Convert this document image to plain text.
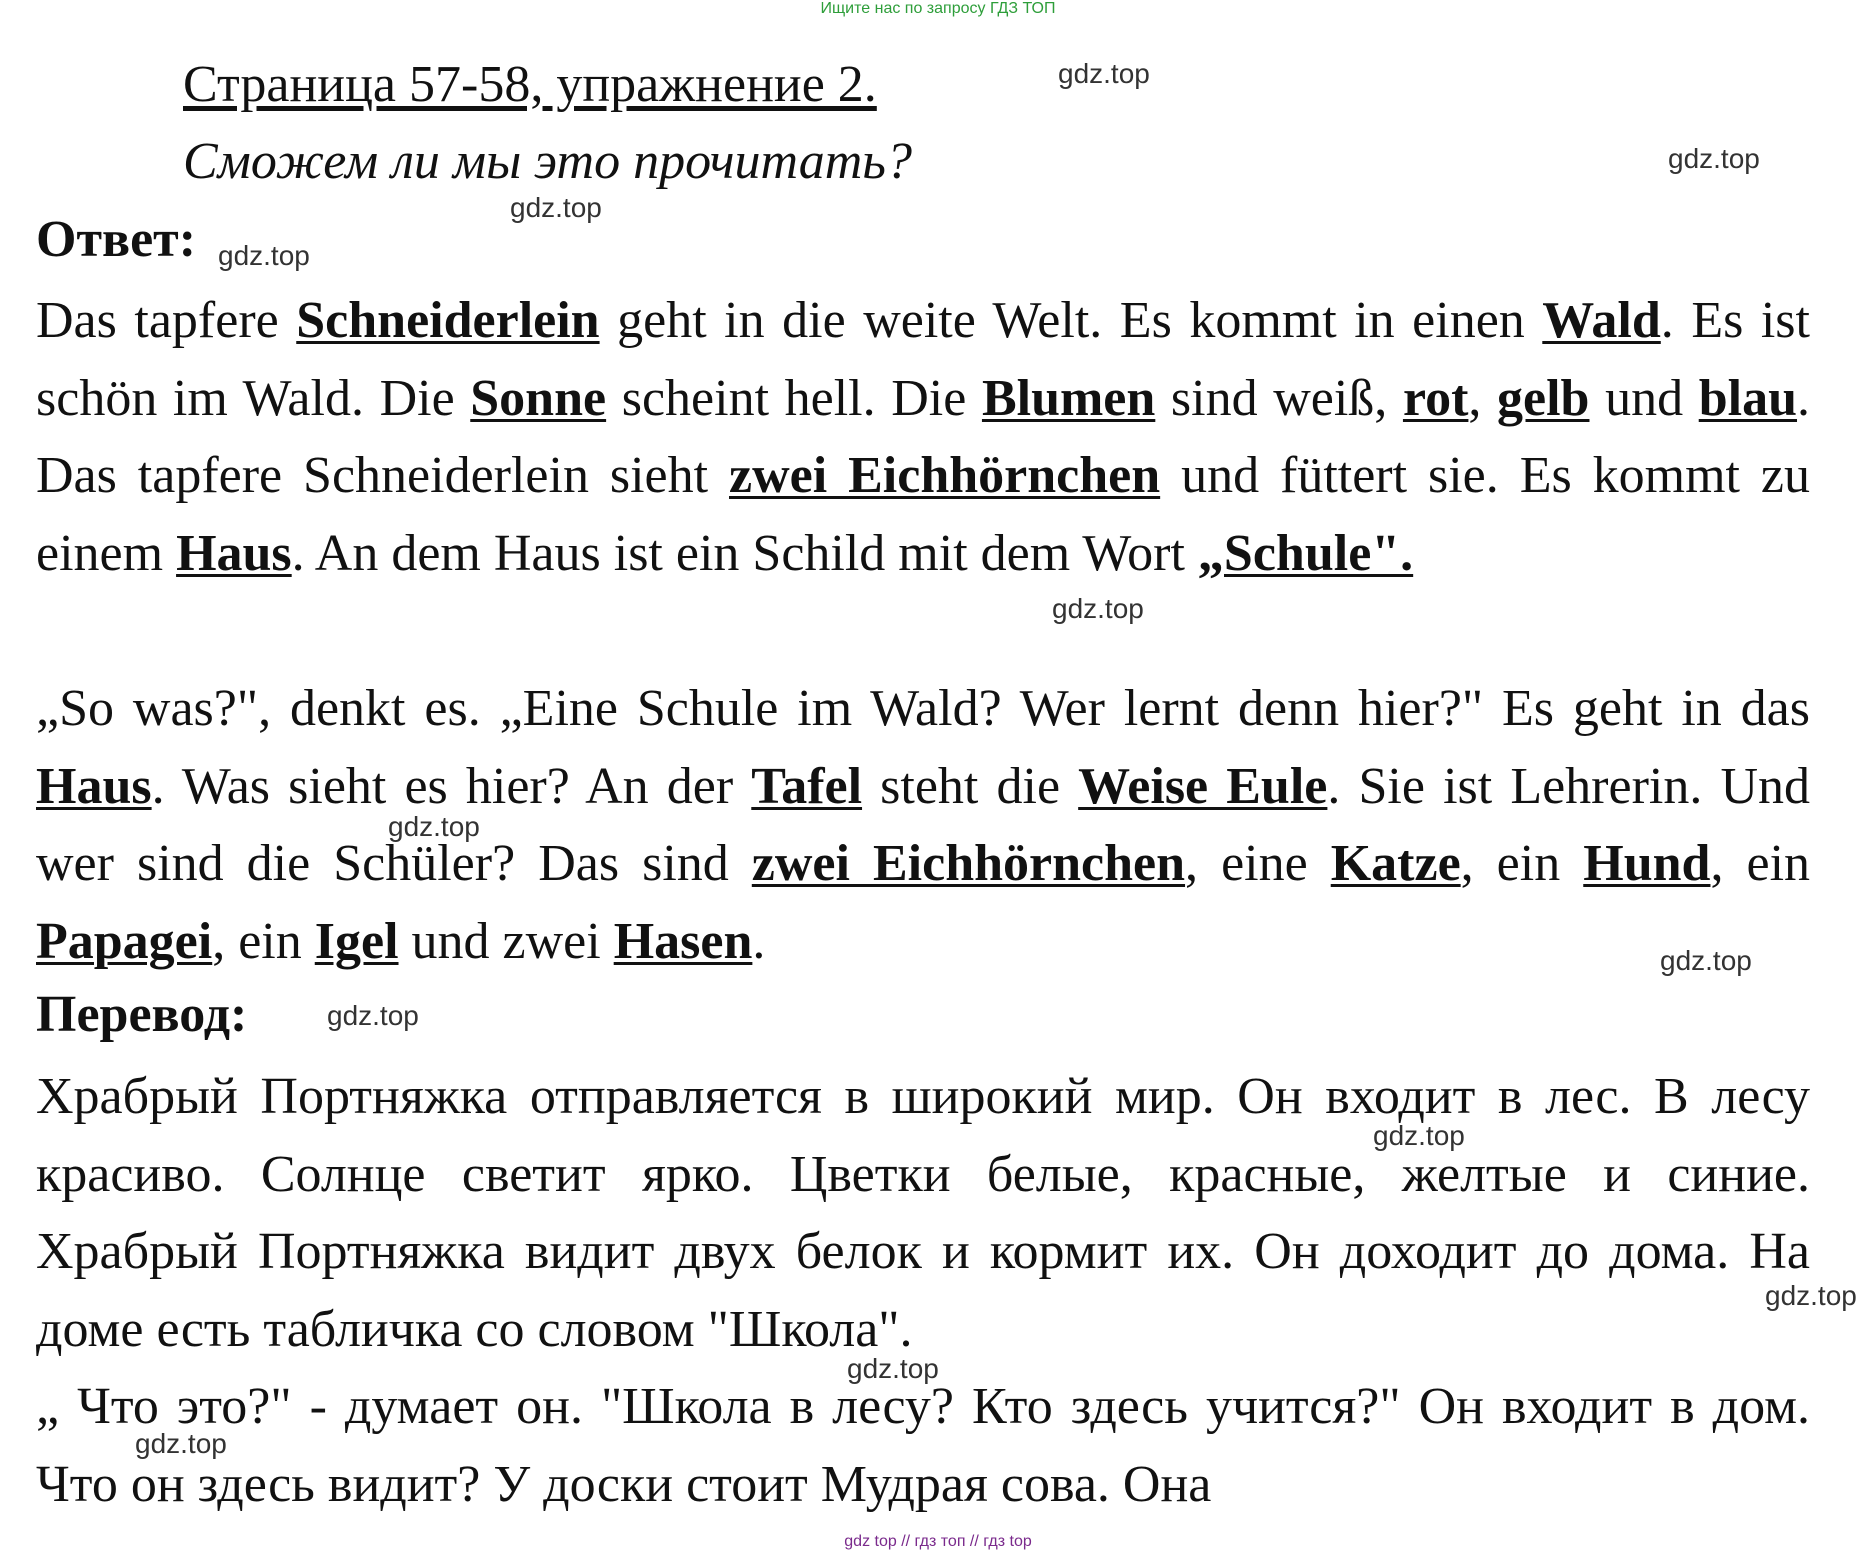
Ищите нас по запросу ГДЗ ТОП
Страница 57-58, упражнение 2.
Сможем ли мы это прочитать?
Ответ:

Das tapfere Schneiderlein geht in die weite Welt. Es kommt in einen Wald. Es ist schön im Wald. Die Sonne scheint hell. Die Blumen sind weiß, rot, gelb und blau. Das tapfere Schneiderlein sieht zwei Eichhörnchen und füttert sie. Es kommt zu einem Haus. An dem Haus ist ein Schild mit dem Wort „Schule".

„So was?", denkt es. „Eine Schule im Wald? Wer lernt denn hier?" Es geht in das Haus. Was sieht es hier? An der Tafel steht die Weise Eule. Sie ist Lehrerin. Und wer sind die Schüler? Das sind zwei Eichhörnchen, eine Katze, ein Hund, ein Papagei, ein Igel und zwei Hasen.

Перевод:

Храбрый Портняжка отправляется в широкий мир. Он входит в лес. В лесу красиво. Солнце светит ярко. Цветки белые, красные, желтые и синие. Храбрый Портняжка видит двух белок и кормит их. Он доходит до дома. На доме есть табличка со словом "Школа".

„ Что это?" - думает он. "Школа в лесу? Кто здесь учится?" Он входит в дом. Что он здесь видит? У доски стоит Мудрая сова. Она

gdz.top
gdz.top
gdz.top
gdz.top
gdz.top
gdz.top
gdz.top
gdz.top
gdz.top
gdz.top
gdz.top
gdz.top
gdz top // гдз топ // гдз top
